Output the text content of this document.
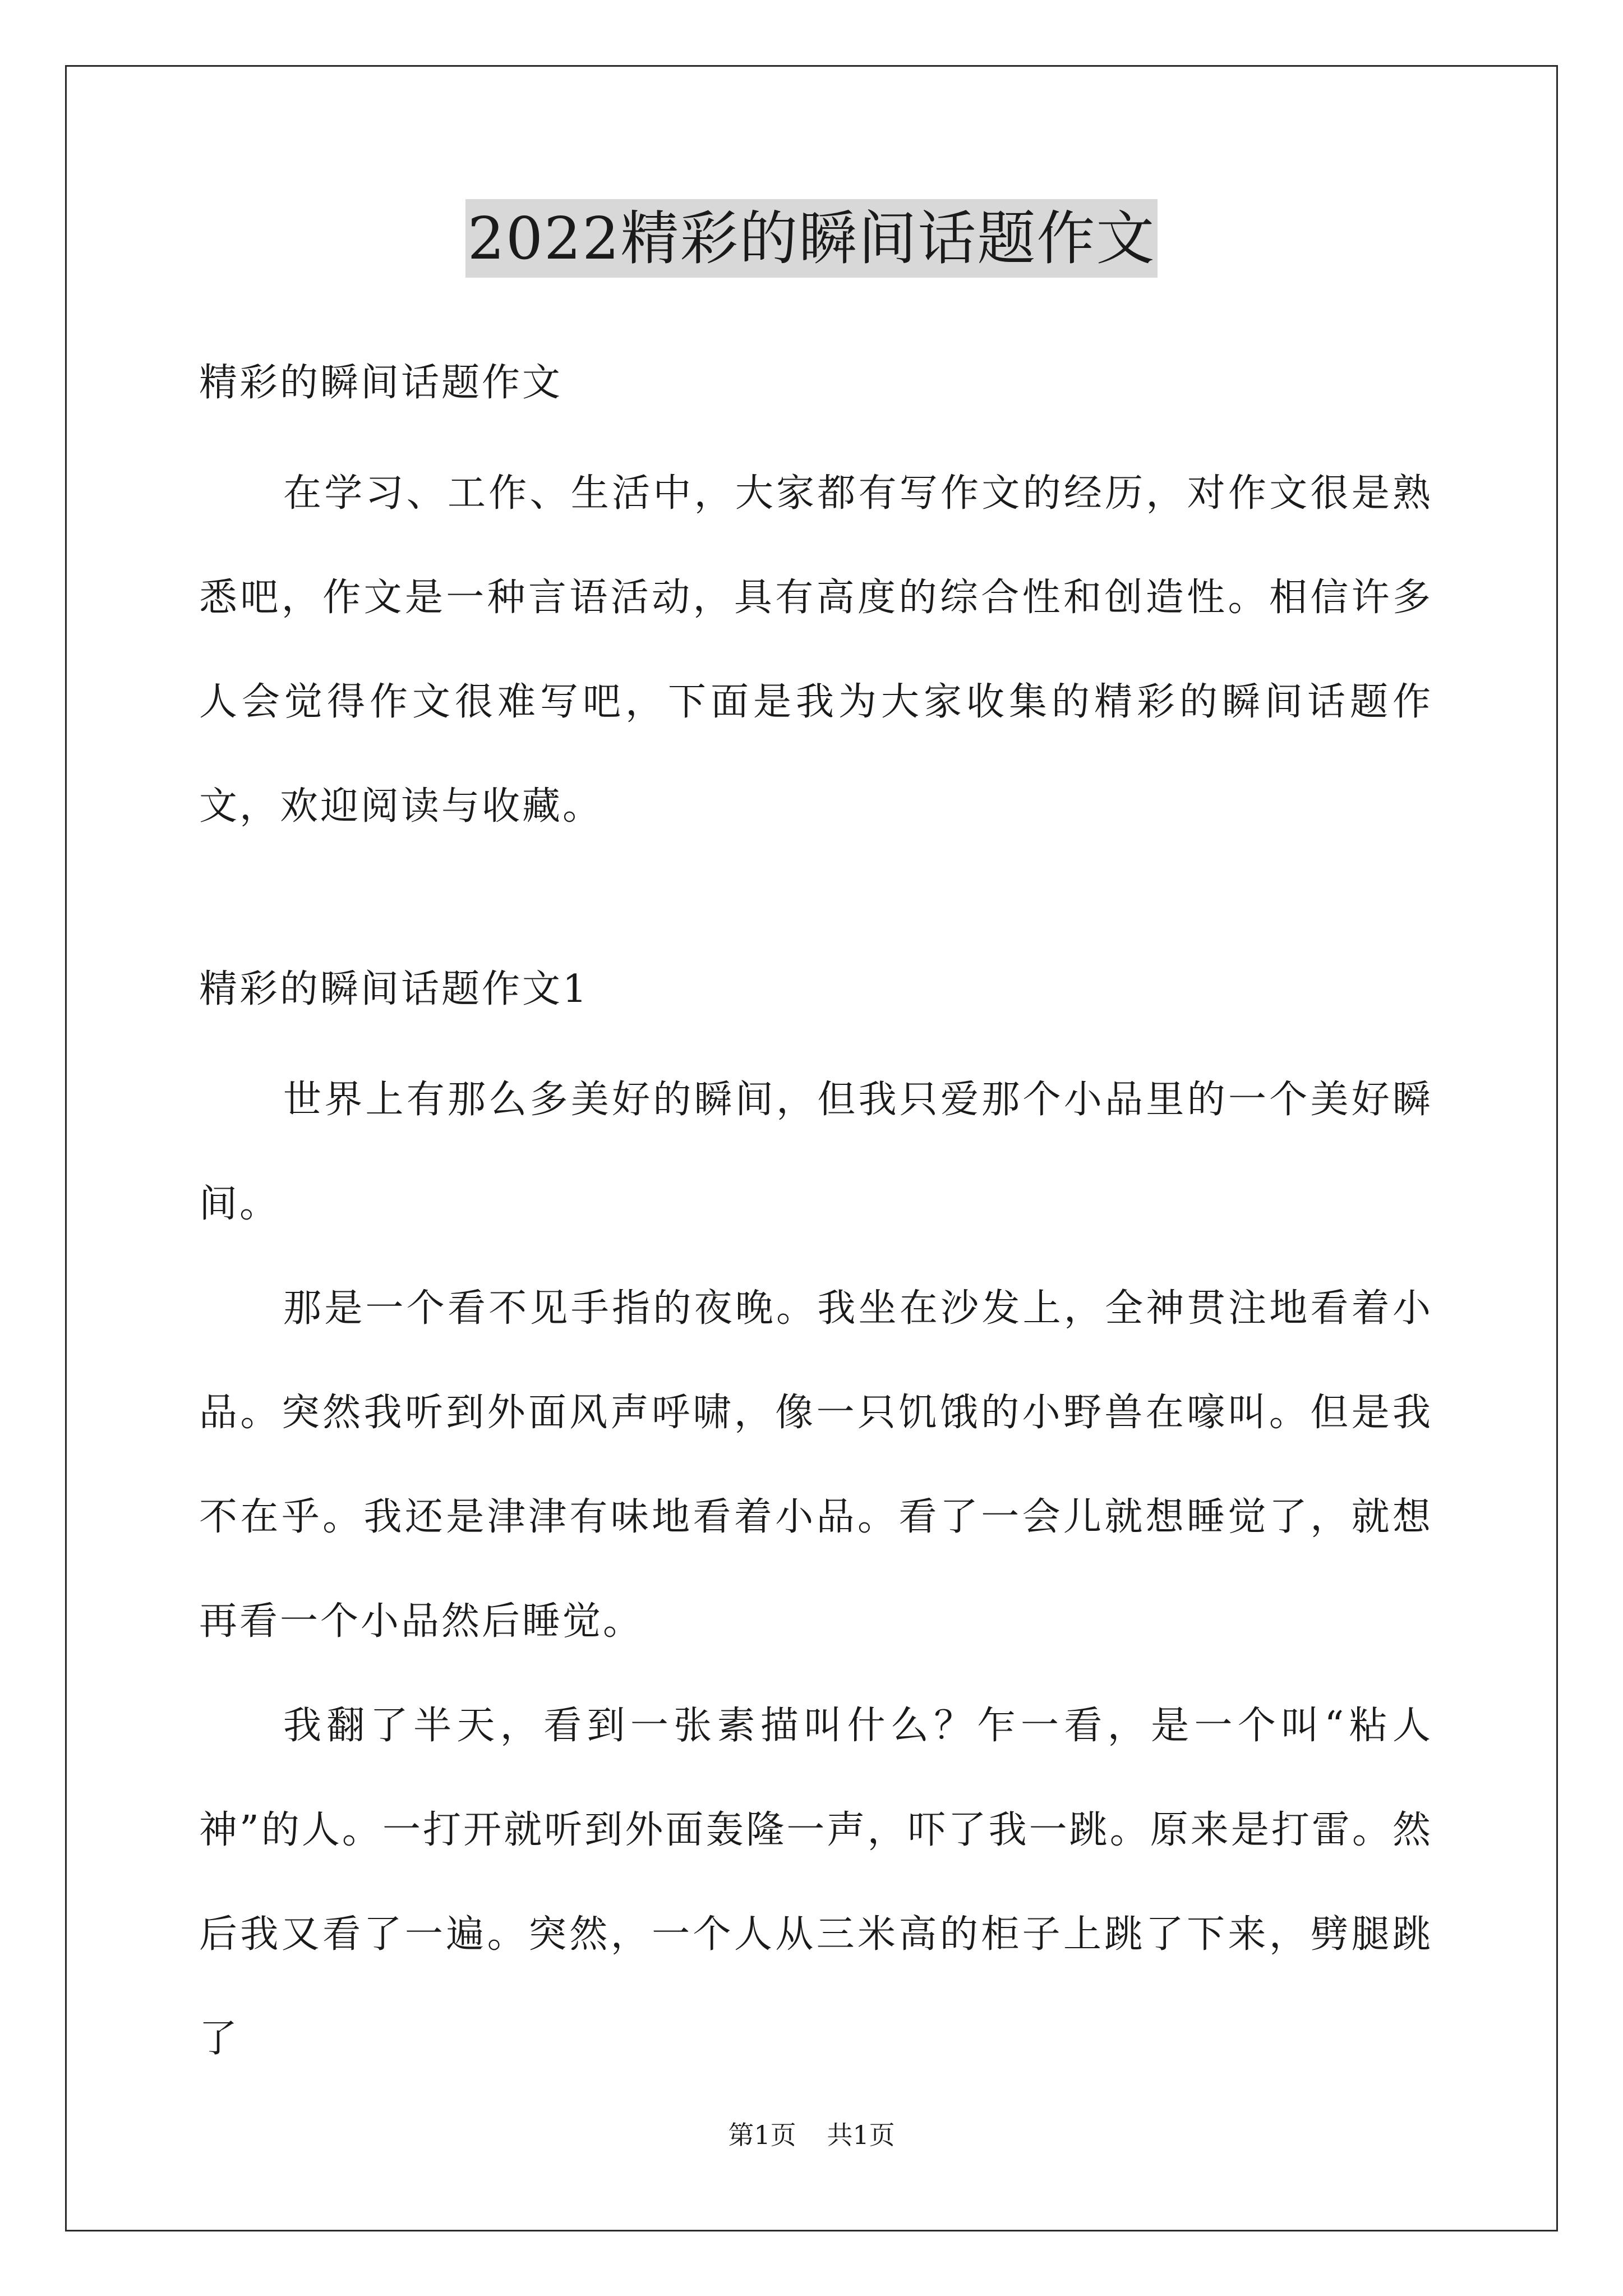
2022精彩的瞬间话题作文

精彩的瞬间话题作文

在学习、工作、生活中，大家都有写作文的经历，对作文很是熟悉吧，作文是一种言语活动，具有高度的综合性和创造性。相信许多人会觉得作文很难写吧，下面是我为大家收集的精彩的瞬间话题作文，欢迎阅读与收藏。

精彩的瞬间话题作文1

世界上有那么多美好的瞬间，但我只爱那个小品里的一个美好瞬间。

那是一个看不见手指的夜晚。我坐在沙发上，全神贯注地看着小品。突然我听到外面风声呼啸，像一只饥饿的小野兽在嚎叫。但是我不在乎。我还是津津有味地看着小品。看了一会儿就想睡觉了，就想再看一个小品然后睡觉。

我翻了半天，看到一张素描叫什么？乍一看，是一个叫“粘人神”的人。一打开就听到外面轰隆一声，吓了我一跳。原来是打雷。然后我又看了一遍。突然，一个人从三米高的柜子上跳了下来，劈腿跳了

第1页 共1页
